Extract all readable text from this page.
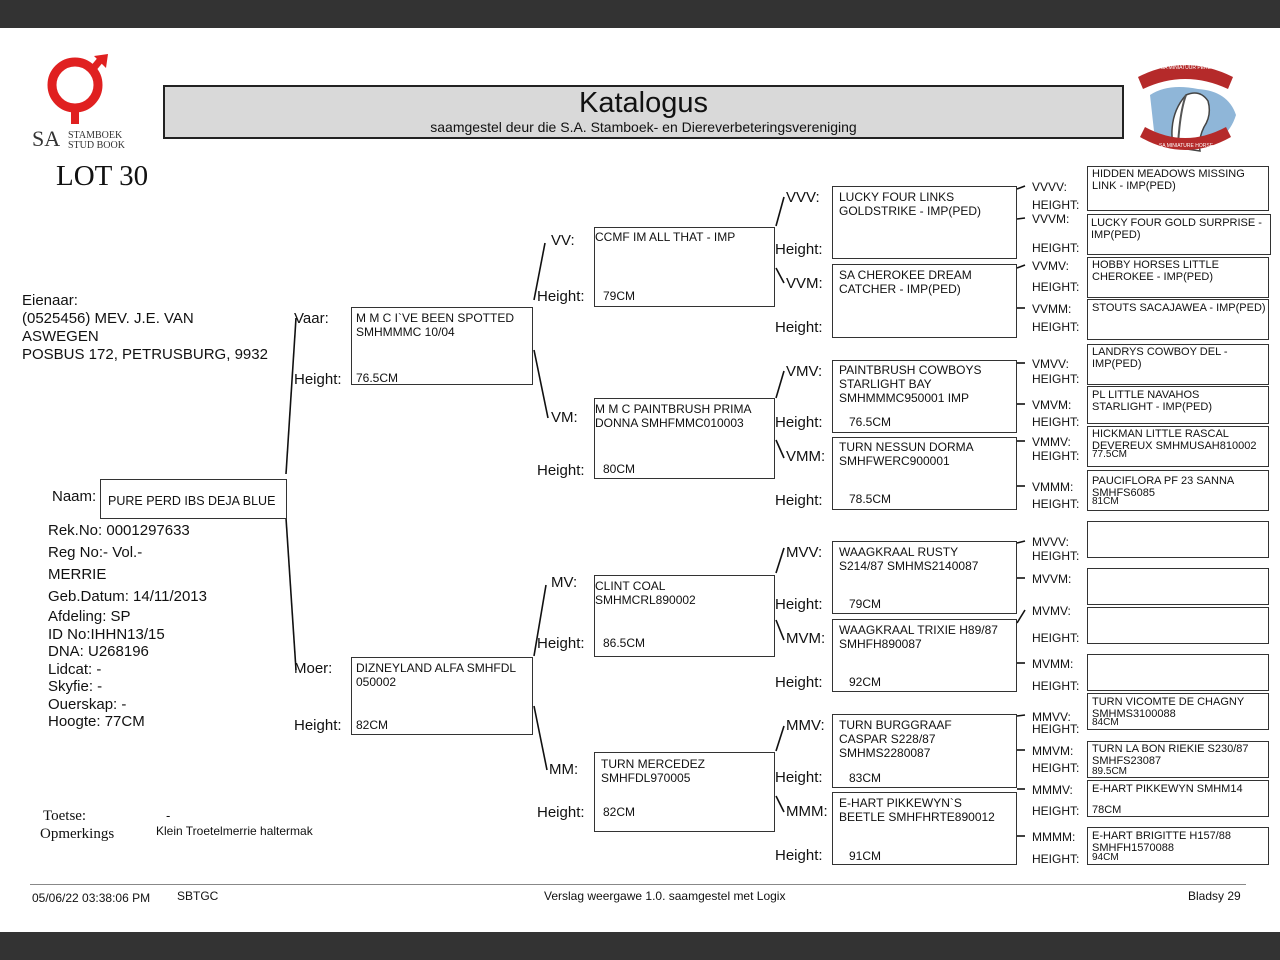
SA STAMBOEK
STUD BOOK
SA MINIATUUR PERD
SA MINIATURE HORSE
Katalogus
saamgestel deur die S.A. Stamboek- en Diereverbeteringsvereniging
LOT 30
Eienaar:
(0525456) MEV. J.E. VAN
ASWEGEN
POSBUS 172, PETRUSBURG, 9932
Naam: PURE PERD IBS DEJA BLUE
Rek.No: 0001297633
Reg No:- Vol.-
MERRIE
Geb.Datum: 14/11/2013
Afdeling: SP
ID No:IHHN13/15
DNA: U268196
Lidcat: -
Skyfie: -
Ouerskap: -
Hoogte: 77CM
Vaar:
Height:
M M C I`VE BEEN SPOTTED
SMHMMMC 10/04
76.5CM
Moer:
Height:
DIZNEYLAND ALFA SMHFDL
050002
82CM
VV:
Height:
CCMF IM ALL THAT - IMP
79CM
VM:
Height:
M M C PAINTBRUSH PRIMA
DONNA SMHFMMC010003
80CM
MV:
Height:
CLINT COAL
SMHMCRL890002
86.5CM
MM:
Height:
TURN MERCEDEZ
SMHFDL970005
82CM
VVV:
Height:
LUCKY FOUR LINKS
GOLDSTRIKE - IMP(PED)
VVM:
Height:
SA CHEROKEE DREAM
CATCHER - IMP(PED)
VMV:
Height:
PAINTBRUSH COWBOYS
STARLIGHT BAY
SMHMMMC950001 IMP
76.5CM
VMM:
Height:
TURN NESSUN DORMA
SMHFWERC900001
78.5CM
MVV:
Height:
WAAGKRAAL RUSTY
S214/87 SMHMS2140087
79CM
MVM:
Height:
WAAGKRAAL TRIXIE H89/87
SMHFH890087
92CM
MMV:
Height:
TURN BURGGRAAF
CASPAR S228/87
SMHMS2280087
83CM
MMM:
Height:
E-HART PIKKEWYN`S
BEETLE SMHFHRTE890012
91CM
VVVV:
HEIGHT:
VVVM:
HEIGHT:
VVMV:
HEIGHT:
VVMM:
HEIGHT:
VMVV:
HEIGHT:
VMVM:
HEIGHT:
VMMV:
HEIGHT:
VMMM:
HEIGHT:
MVVV:
HEIGHT:
MVVM:
MVMV:
HEIGHT:
MVMM:
HEIGHT:
MMVV:
HEIGHT:
MMVM:
HEIGHT:
MMMV:
HEIGHT:
MMMM:
HEIGHT:
HIDDEN MEADOWS MISSING
LINK - IMP(PED)
LUCKY FOUR GOLD SURPRISE -
IMP(PED)
HOBBY HORSES LITTLE
CHEROKEE - IMP(PED)
STOUTS SACAJAWEA - IMP(PED)
LANDRYS COWBOY DEL -
IMP(PED)
PL LITTLE NAVAHOS
STARLIGHT - IMP(PED)
HICKMAN LITTLE RASCAL
DEVEREUX SMHMUSAH810002
77.5CM
PAUCIFLORA PF 23 SANNA
SMHFS6085
81CM
TURN VICOMTE DE CHAGNY
SMHMS3100088
84CM
TURN LA BON RIEKIE S230/87
SMHFS23087
89.5CM
E-HART PIKKEWYN SMHM14
78CM
E-HART BRIGITTE H157/88
SMHFH1570088
94CM
Toetse:	-
Opmerkings	Klein Troetelmerrie haltermak
05/06/22 03:38:06 PM SBTGC	Verslag weergawe 1.0. saamgestel met Logix	Bladsy 29
